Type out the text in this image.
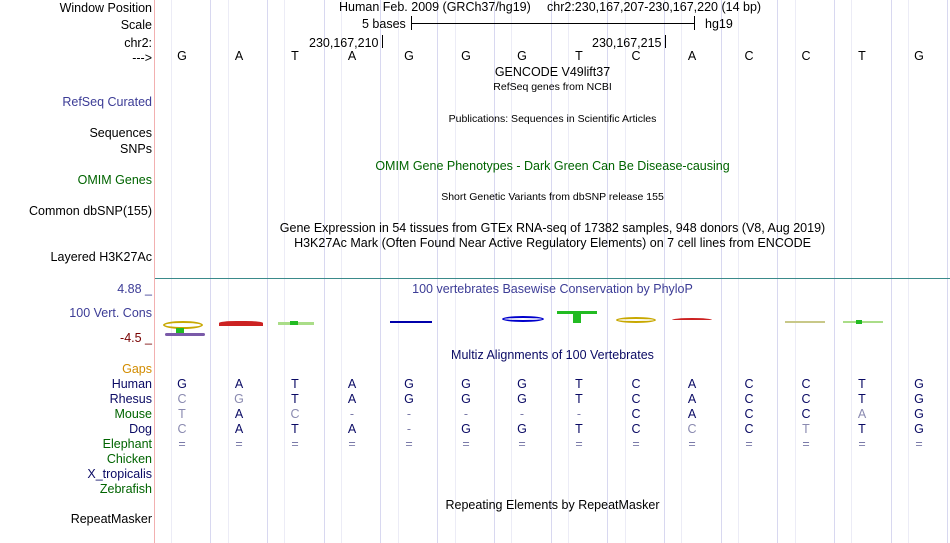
Window Position
Scale
chr2:
--->
Human Feb. 2009 (GRCh37/hg19) chr2:230,167,207-230,167,220 (14 bp)
5 bases	hg19
230,167,210	230,167,215
G	A	T	A	G	G	G	T	C	A	C	C	T	G
GENCODE V49lift37
RefSeq genes from NCBI
RefSeq Curated
Publications: Sequences in Scientific Articles
Sequences
SNPs
OMIM Gene Phenotypes - Dark Green Can Be Disease-causing
OMIM Genes
Short Genetic Variants from dbSNP release 155
Common dbSNP(155)
Gene Expression in 54 tissues from GTEx RNA-seq of 17382 samples, 948 donors (V8, Aug 2019)
H3K27Ac Mark (Often Found Near Active Regulatory Elements) on 7 cell lines from ENCODE
Layered H3K27Ac
4.88 _	100 vertebrates Basewise Conservation by PhyloP
100 Vert. Cons
-4.5 _
Multiz Alignments of 100 Vertebrates
Gaps
Human	G	A	T	A	G	G	G	T	C	A	C	C	T	G
Rhesus	C	G	T	A	G	G	G	T	C	A	C	C	T	G
Mouse	T	A	C	-	-	-	-	-	C	A	C	C	A	G
Dog	C	A	T	A	-	G	G	T	C	C	C	T	T	G
Elephant	=	=	=	=	=	=	=	=	=	=	=	=	=	=
Chicken
X_tropicalis
Zebrafish
Repeating Elements by RepeatMasker
RepeatMasker
